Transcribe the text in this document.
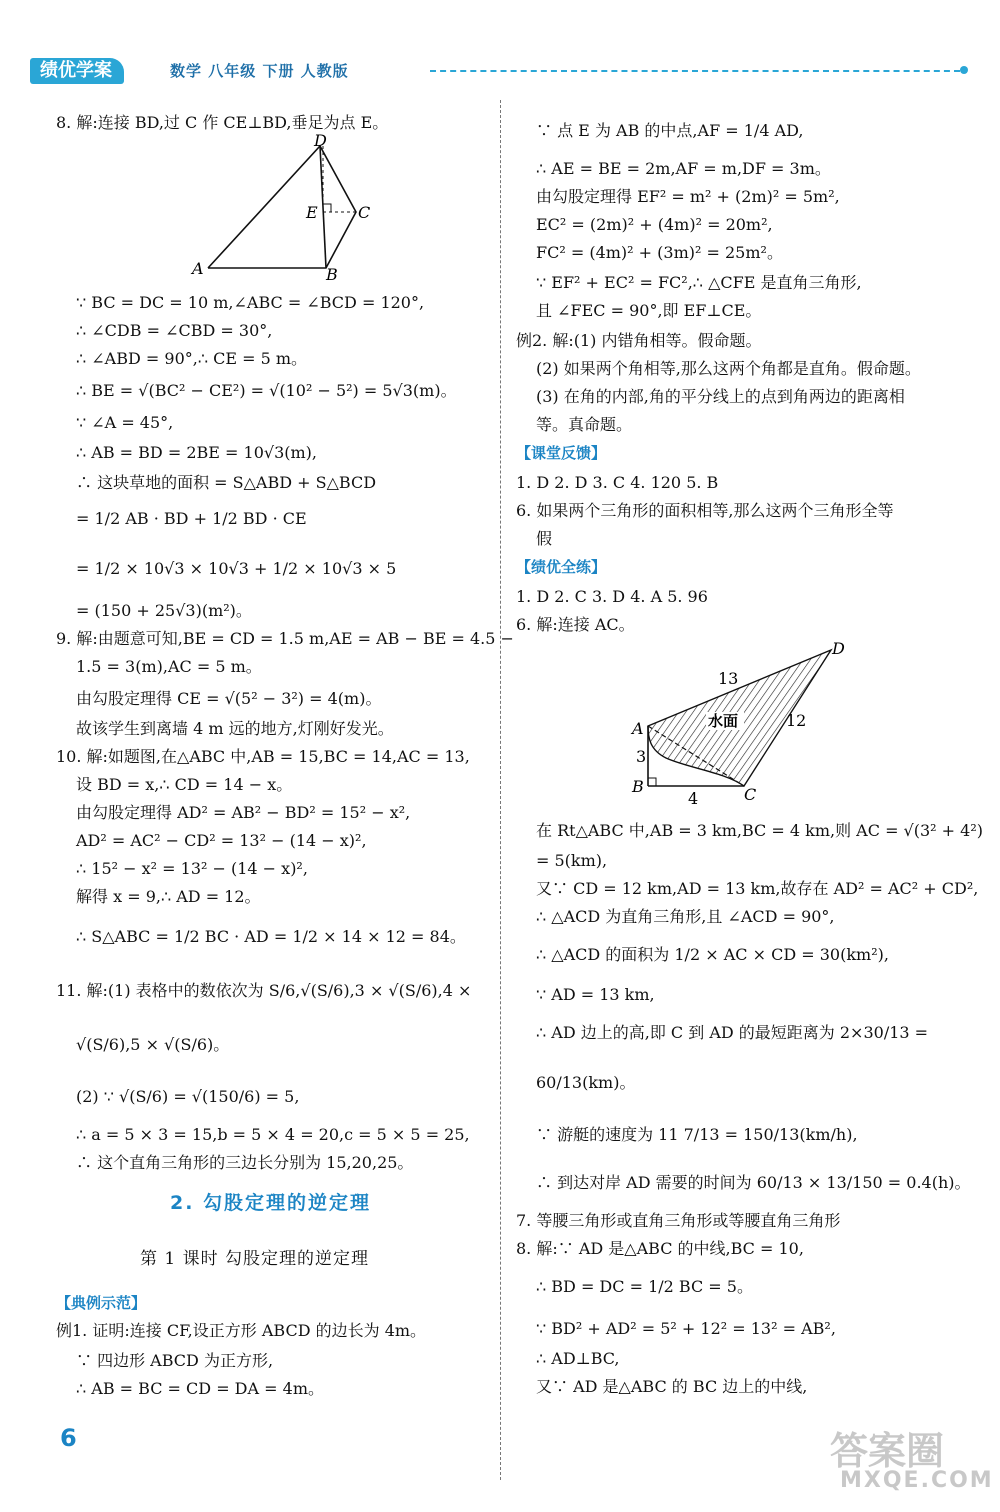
绩优学案	数学 八年级 下册 人教版
D
E	C
A	B
D
A
B	C
13
12
3
4
水面
8. 解:连接 BD,过 C 作 CE⊥BD,垂足为点 E。
∵ BC = DC = 10 m,∠ABC = ∠BCD = 120°,
∴ ∠CDB = ∠CBD = 30°,
∴ ∠ABD = 90°,∴ CE = 5 m。
∴ BE = √(BC² − CE²) = √(10² − 5²) = 5√3(m)。
∵ ∠A = 45°,
∴ AB = BD = 2BE = 10√3(m),
∴ 这块草地的面积 = S△ABD + S△BCD
= 1/2 AB · BD + 1/2 BD · CE
= 1/2 × 10√3 × 10√3 + 1/2 × 10√3 × 5
= (150 + 25√3)(m²)。
9. 解:由题意可知,BE = CD = 1.5 m,AE = AB − BE = 4.5 −
1.5 = 3(m),AC = 5 m。
由勾股定理得 CE = √(5² − 3²) = 4(m)。
故该学生到离墙 4 m 远的地方,灯刚好发光。
10. 解:如题图,在△ABC 中,AB = 15,BC = 14,AC = 13,
设 BD = x,∴ CD = 14 − x。
由勾股定理得 AD² = AB² − BD² = 15² − x²,
AD² = AC² − CD² = 13² − (14 − x)²,
∴ 15² − x² = 13² − (14 − x)²,
解得 x = 9,∴ AD = 12。
∴ S△ABC = 1/2 BC · AD = 1/2 × 14 × 12 = 84。
11. 解:(1) 表格中的数依次为 S/6,√(S/6),3 × √(S/6),4 ×
√(S/6),5 × √(S/6)。
(2) ∵ √(S/6) = √(150/6) = 5,
∴ a = 5 × 3 = 15,b = 5 × 4 = 20,c = 5 × 5 = 25,
∴ 这个直角三角形的三边长分别为 15,20,25。
2. 勾股定理的逆定理
第 1 课时 勾股定理的逆定理
【典例示范】
例1. 证明:连接 CF,设正方形 ABCD 的边长为 4m。
∵ 四边形 ABCD 为正方形,
∴ AB = BC = CD = DA = 4m。
∵ 点 E 为 AB 的中点,AF = 1/4 AD,
∴ AE = BE = 2m,AF = m,DF = 3m。
由勾股定理得 EF² = m² + (2m)² = 5m²,
EC² = (2m)² + (4m)² = 20m²,
FC² = (4m)² + (3m)² = 25m²。
∵ EF² + EC² = FC²,∴ △CFE 是直角三角形,
且 ∠FEC = 90°,即 EF⊥CE。
例2. 解:(1) 内错角相等。假命题。
(2) 如果两个角相等,那么这两个角都是直角。假命题。
(3) 在角的内部,角的平分线上的点到角两边的距离相
等。真命题。
【课堂反馈】
1. D 2. D 3. C 4. 120 5. B
6. 如果两个三角形的面积相等,那么这两个三角形全等
假
【绩优全练】
1. D 2. C 3. D 4. A 5. 96
6. 解:连接 AC。
在 Rt△ABC 中,AB = 3 km,BC = 4 km,则 AC = √(3² + 4²)
= 5(km),
又∵ CD = 12 km,AD = 13 km,故存在 AD² = AC² + CD²,
∴ △ACD 为直角三角形,且 ∠ACD = 90°,
∴ △ACD 的面积为 1/2 × AC × CD = 30(km²),
∵ AD = 13 km,
∴ AD 边上的高,即 C 到 AD 的最短距离为 2×30/13 =
60/13(km)。
∵ 游艇的速度为 11 7/13 = 150/13(km/h),
∴ 到达对岸 AD 需要的时间为 60/13 × 13/150 = 0.4(h)。
7. 等腰三角形或直角三角形或等腰直角三角形
8. 解:∵ AD 是△ABC 的中线,BC = 10,
∴ BD = DC = 1/2 BC = 5。
∵ BD² + AD² = 5² + 12² = 13² = AB²,
∴ AD⊥BC,
又∵ AD 是△ABC 的 BC 边上的中线,
6	答案圈
MXQE.COM
